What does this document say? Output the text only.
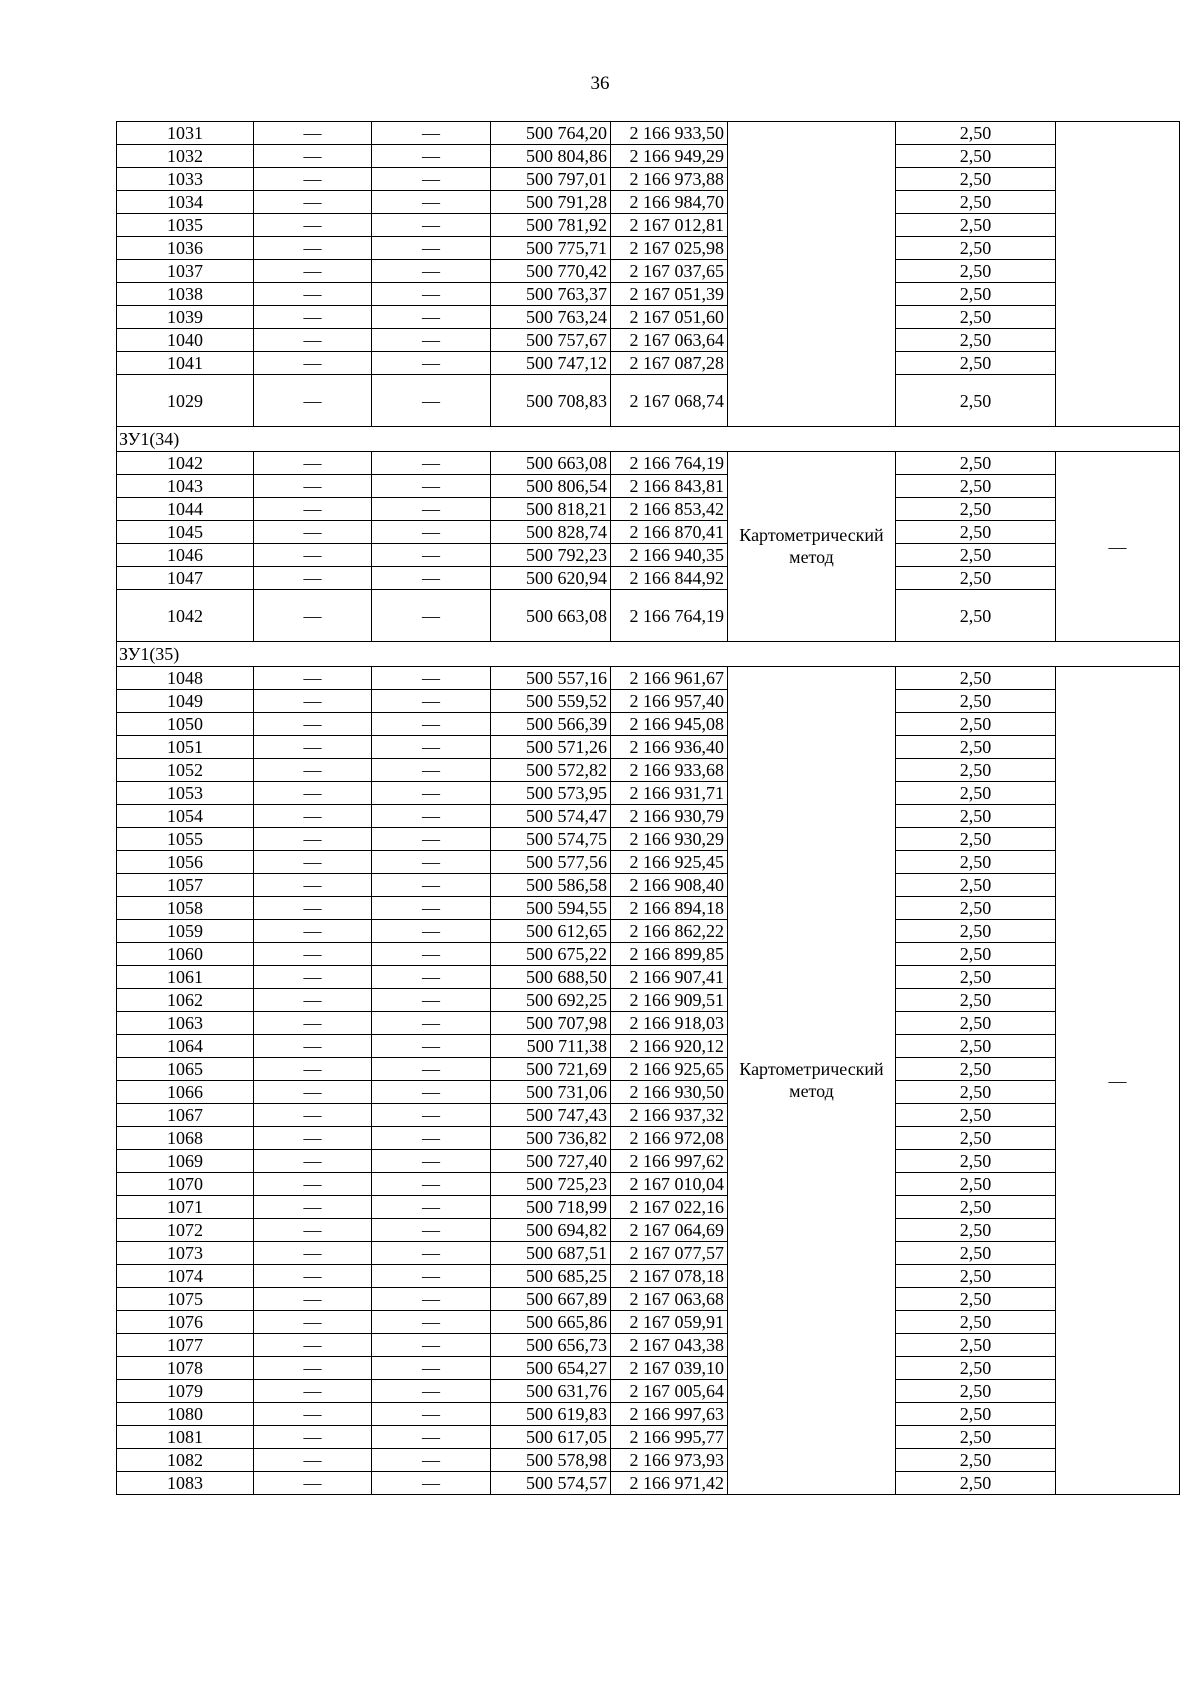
36
1031	—	—	500 764,20	2 166 933,50		2,50	
1032	—	—	500 804,86	2 166 949,29		2,50	
1033	—	—	500 797,01	2 166 973,88		2,50	
1034	—	—	500 791,28	2 166 984,70		2,50	
1035	—	—	500 781,92	2 167 012,81		2,50	
1036	—	—	500 775,71	2 167 025,98		2,50	
1037	—	—	500 770,42	2 167 037,65		2,50	
1038	—	—	500 763,37	2 167 051,39		2,50	
1039	—	—	500 763,24	2 167 051,60		2,50	
1040	—	—	500 757,67	2 167 063,64		2,50	
1041	—	—	500 747,12	2 167 087,28		2,50	
1029	—	—	500 708,83	2 167 068,74		2,50	
ЗУ1(34)							
1042	—	—	500 663,08	2 166 764,19	Картометрический метод	2,50	—
1043	—	—	500 806,54	2 166 843,81		2,50	
1044	—	—	500 818,21	2 166 853,42		2,50	
1045	—	—	500 828,74	2 166 870,41		2,50	
1046	—	—	500 792,23	2 166 940,35		2,50	
1047	—	—	500 620,94	2 166 844,92		2,50	
1042	—	—	500 663,08	2 166 764,19		2,50	
ЗУ1(35)							
1048	—	—	500 557,16	2 166 961,67	Картометрический метод	2,50	—
1049	—	—	500 559,52	2 166 957,40		2,50	
1050	—	—	500 566,39	2 166 945,08		2,50	
1051	—	—	500 571,26	2 166 936,40		2,50	
1052	—	—	500 572,82	2 166 933,68		2,50	
1053	—	—	500 573,95	2 166 931,71		2,50	
1054	—	—	500 574,47	2 166 930,79		2,50	
1055	—	—	500 574,75	2 166 930,29		2,50	
1056	—	—	500 577,56	2 166 925,45		2,50	
1057	—	—	500 586,58	2 166 908,40		2,50	
1058	—	—	500 594,55	2 166 894,18		2,50	
1059	—	—	500 612,65	2 166 862,22		2,50	
1060	—	—	500 675,22	2 166 899,85		2,50	
1061	—	—	500 688,50	2 166 907,41		2,50	
1062	—	—	500 692,25	2 166 909,51		2,50	
1063	—	—	500 707,98	2 166 918,03		2,50	
1064	—	—	500 711,38	2 166 920,12		2,50	
1065	—	—	500 721,69	2 166 925,65		2,50	
1066	—	—	500 731,06	2 166 930,50		2,50	
1067	—	—	500 747,43	2 166 937,32		2,50	
1068	—	—	500 736,82	2 166 972,08		2,50	
1069	—	—	500 727,40	2 166 997,62		2,50	
1070	—	—	500 725,23	2 167 010,04		2,50	
1071	—	—	500 718,99	2 167 022,16		2,50	
1072	—	—	500 694,82	2 167 064,69		2,50	
1073	—	—	500 687,51	2 167 077,57		2,50	
1074	—	—	500 685,25	2 167 078,18		2,50	
1075	—	—	500 667,89	2 167 063,68		2,50	
1076	—	—	500 665,86	2 167 059,91		2,50	
1077	—	—	500 656,73	2 167 043,38		2,50	
1078	—	—	500 654,27	2 167 039,10		2,50	
1079	—	—	500 631,76	2 167 005,64		2,50	
1080	—	—	500 619,83	2 166 997,63		2,50	
1081	—	—	500 617,05	2 166 995,77		2,50	
1082	—	—	500 578,98	2 166 973,93		2,50	
1083	—	—	500 574,57	2 166 971,42		2,50	
